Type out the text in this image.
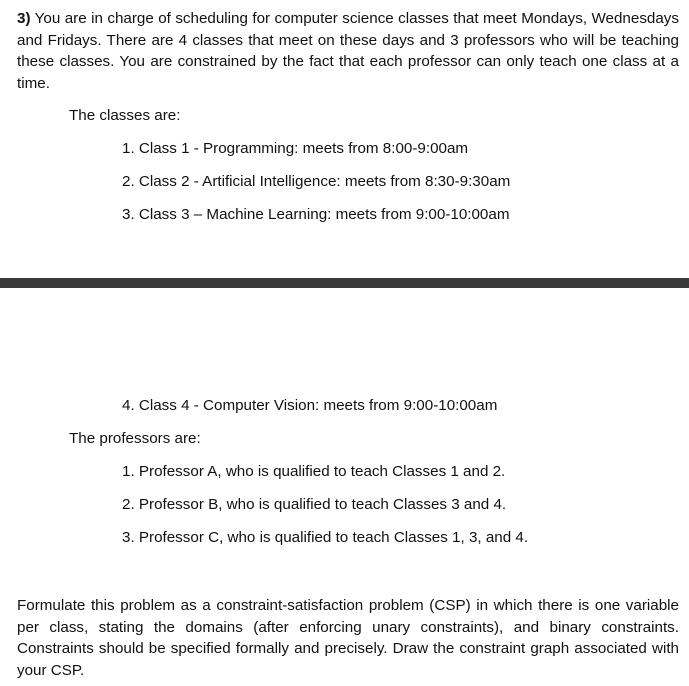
3) You are in charge of scheduling for computer science classes that meet Mondays, Wednesdays and Fridays. There are 4 classes that meet on these days and 3 professors who will be teaching these classes. You are constrained by the fact that each professor can only teach one class at a time.

The classes are:

1. Class 1 - Programming: meets from 8:00-9:00am

2. Class 2 - Artificial Intelligence: meets from 8:30-9:30am

3. Class 3 – Machine Learning: meets from 9:00-10:00am

4. Class 4 - Computer Vision: meets from 9:00-10:00am

The professors are:

1. Professor A, who is qualified to teach Classes 1 and 2.

2. Professor B, who is qualified to teach Classes 3 and 4.

3. Professor C, who is qualified to teach Classes 1, 3, and 4.

Formulate this problem as a constraint-satisfaction problem (CSP) in which there is one variable per class, stating the domains (after enforcing unary constraints), and binary constraints. Constraints should be specified formally and precisely. Draw the constraint graph associated with your CSP.
